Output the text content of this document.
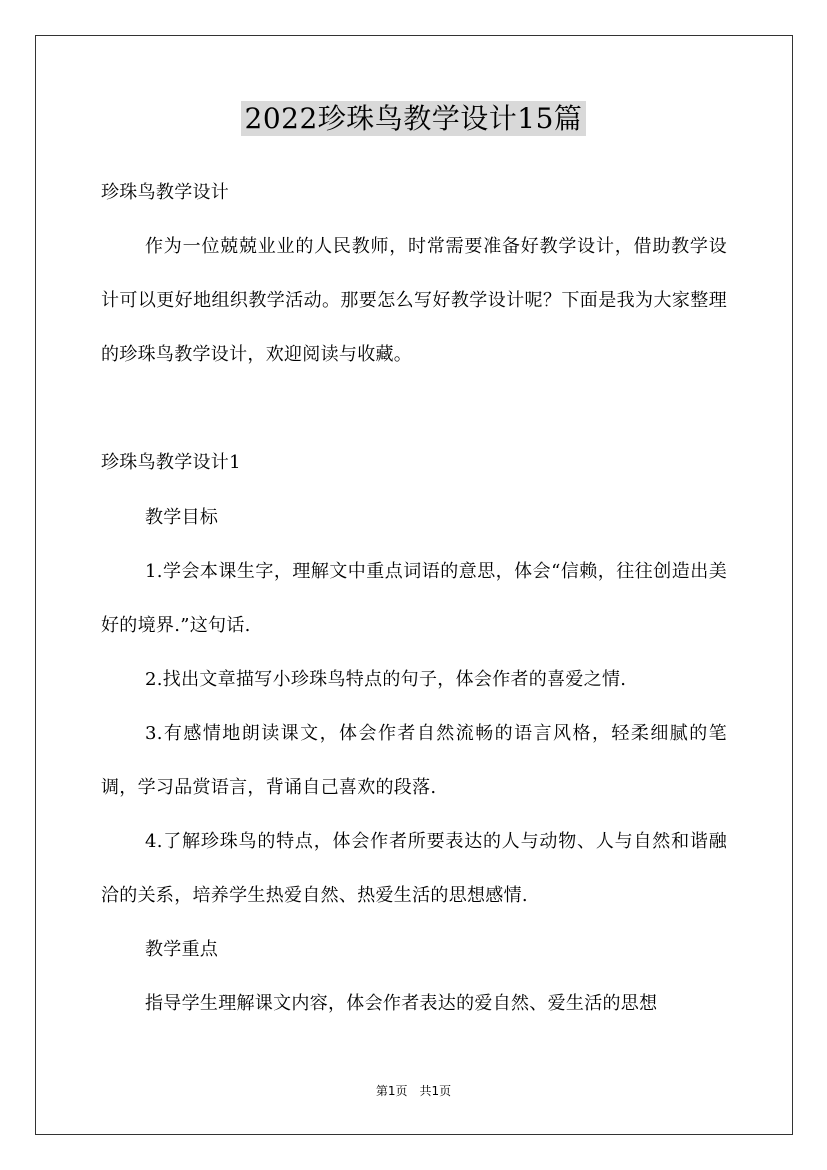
2022珍珠鸟教学设计15篇

珍珠鸟教学设计

作为一位兢兢业业的人民教师，时常需要准备好教学设计，借助教学设计可以更好地组织教学活动。那要怎么写好教学设计呢？下面是我为大家整理的珍珠鸟教学设计，欢迎阅读与收藏。

珍珠鸟教学设计1

教学目标

1.学会本课生字，理解文中重点词语的意思，体会“信赖，往往创造出美好的境界.”这句话.

2.找出文章描写小珍珠鸟特点的句子，体会作者的喜爱之情.

3.有感情地朗读课文，体会作者自然流畅的语言风格，轻柔细腻的笔调，学习品赏语言，背诵自己喜欢的段落.

4.了解珍珠鸟的特点，体会作者所要表达的人与动物、人与自然和谐融洽的关系，培养学生热爱自然、热爱生活的思想感情.

教学重点

指导学生理解课文内容，体会作者表达的爱自然、爱生活的思想

第1页　共1页
